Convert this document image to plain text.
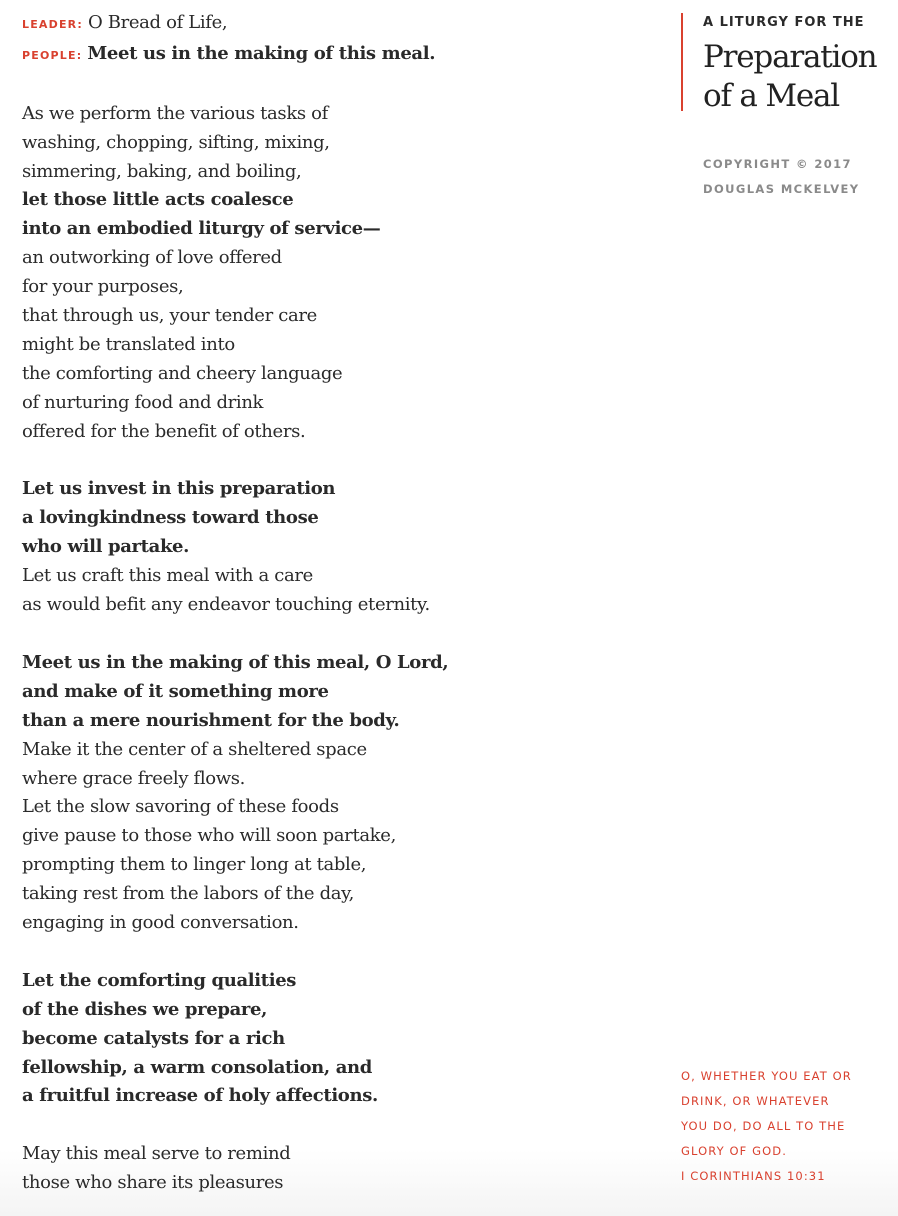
LEADER: O Bread of Life,
PEOPLE: Meet us in the making of this meal.
As we perform the various tasks of
washing, chopping, sifting, mixing,
simmering, baking, and boiling,
let those little acts coalesce
into an embodied liturgy of service—
an outworking of love offered
for your purposes,
that through us, your tender care
might be translated into
the comforting and cheery language
of nurturing food and drink
offered for the benefit of others.
Let us invest in this preparation
a lovingkindness toward those
who will partake.
Let us craft this meal with a care
as would befit any endeavor touching eternity.
Meet us in the making of this meal, O Lord,
and make of it something more
than a mere nourishment for the body.
Make it the center of a sheltered space
where grace freely flows.
Let the slow savoring of these foods
give pause to those who will soon partake,
prompting them to linger long at table,
taking rest from the labors of the day,
engaging in good conversation.
Let the comforting qualities
of the dishes we prepare,
become catalysts for a rich
fellowship, a warm consolation, and
a fruitful increase of holy affections.
May this meal serve to remind
those who share its pleasures
A LITURGY FOR THE
Preparation
of a Meal
COPYRIGHT © 2017
DOUGLAS MCKELVEY
O, WHETHER YOU EAT OR
DRINK, OR WHATEVER
YOU DO, DO ALL TO THE
GLORY OF GOD.
I CORINTHIANS 10:31
